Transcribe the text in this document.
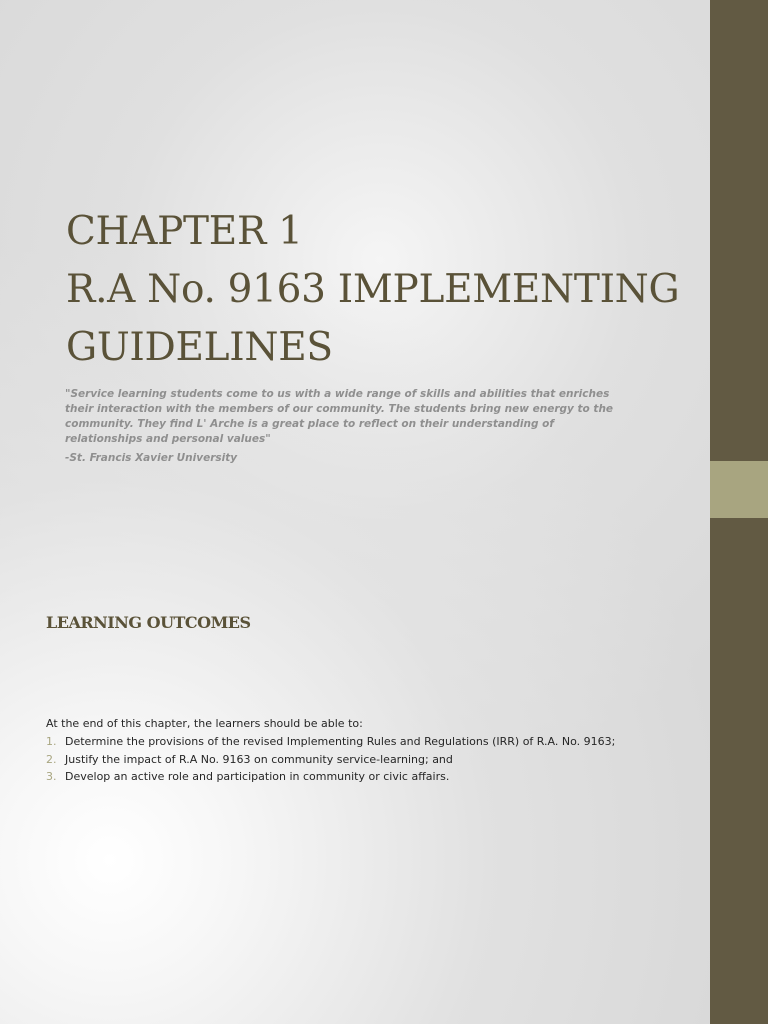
CHAPTER 1
R.A No. 9163 IMPLEMENTING
GUIDELINES

"Service learning students come to us with a wide range of skills and abilities that enriches their interaction with the members of our community. The students bring new energy to the community. They find L' Arche is a great place to reflect on their understanding of relationships and personal values"

-St. Francis Xavier University

LEARNING OUTCOMES

At the end of this chapter, the learners should be able to:

1. Determine the provisions of the revised Implementing Rules and Regulations (IRR) of R.A. No. 9163;
2. Justify the impact of R.A No. 9163 on community service-learning; and
3. Develop an active role and participation in community or civic affairs.
